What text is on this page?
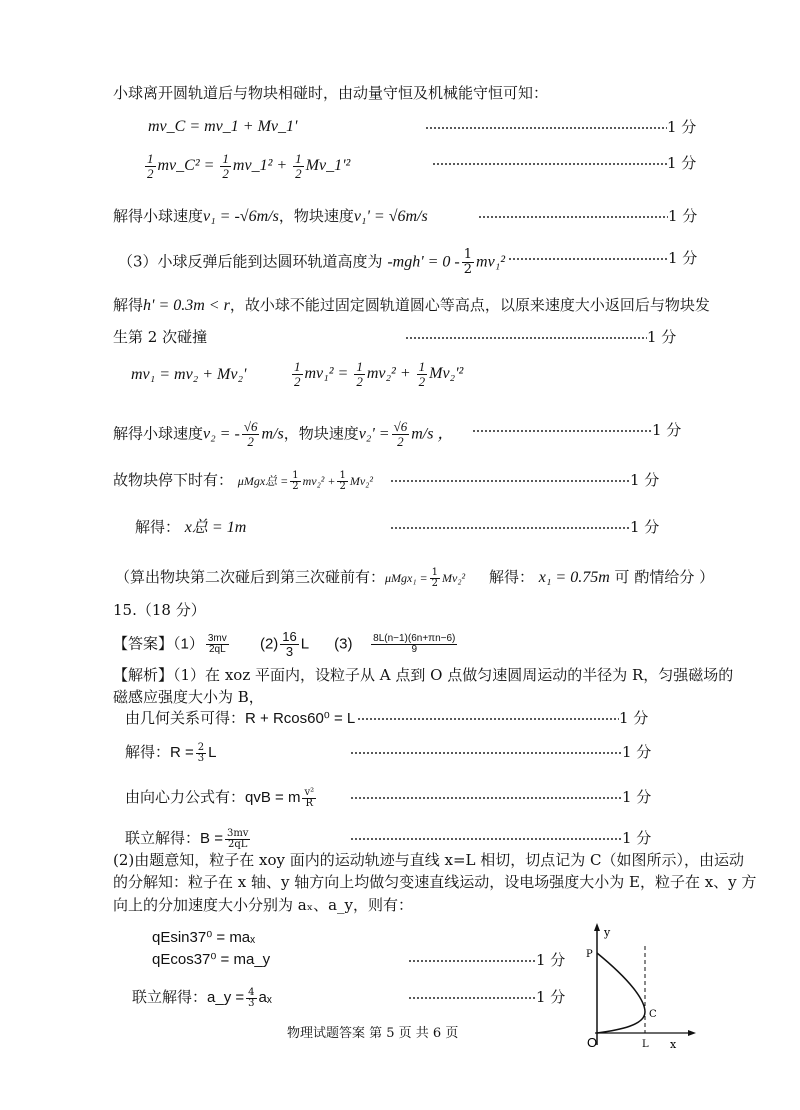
小球离开圆轨道后与物块相碰时，由动量守恒及机械能守恒可知：
mv_C = mv_1 + Mv_1'	1 分
$\frac{1}{2}$ mv_C² = $\frac{1}{2}$ mv_1² + $\frac{1}{2}$ Mv_1'²	1 分
解得小球速度v₁ = -√6m/s，物块速度v₁' = √6m/s	1 分
（3）小球反弹后能到达圆环轨道高度为 $-mgh' = 0 - \frac{1}{2} mv_1^2$	1 分
解得h' = 0.3m < r，故小球不能过固定圆轨道圆心等高点，以原来速度大小返回后与物块发
生第 2 次碰撞	1 分
mv₁ = mv₂ + Mv₂'	$\frac{1}{2} mv_1^2 = \frac{1}{2} mv_2^2 + \frac{1}{2} Mv_2'^2$
解得小球速度v₂ = - $\frac{√6}{2} m/s$，物块速度$v_2' = \frac{√6}{2} m/s$ ，	1 分
故物块停下时有： μMgx总 = $\frac{1}{2} mv_2^2 + \frac{1}{2} Mv_2^2$	1 分
解得： x总 = 1m	1 分
（算出物块第二次碰后到第三次碰前有：$\mu Mgx_1 = \frac{1}{2} Mv_2^2$ 解得： x₁ = 0.75m 可 酌情给分 ）
15.（18 分）
【答案】$(1) \frac{3mv}{2qL} (2) \frac{16}{3}$ L $(3) \frac{8L(n-1)(6n+\pi n-6)}{9}$
【解析】（1）在 xoz 平面内，设粒子从 A 点到 O 点做匀速圆周运动的半径为 R，匀强磁场的
磁感应强度大小为 B，
由几何关系可得：R + Rcos60⁰ = L	1 分
解得：$R = \frac{2}{3}$ L	1 分
由向心力公式有：qvB = m $\frac{\text{v²}}{R}$	1 分
联立解得：$B = \frac{3mv}{2qL}$	1 分
(2)由题意知，粒子在 xoy 面内的运动轨迹与直线 x=L 相切，切点记为 C（如图所示），由运动
的分解知：粒子在 x 轴、y 轴方向上均做匀变速直线运动，设电场强度大小为 E，粒子在 x、y 方
向上的分加速度大小分别为 aₓ、a_y，则有：
qEsin37⁰ = maₓ
qEcos37⁰ = ma_y	1 分
联立解得：a_y = $\frac{4}{3}$ aₓ	1 分
物理试题答案 第 5 页 共 6 页
y
P
C
O	L x
